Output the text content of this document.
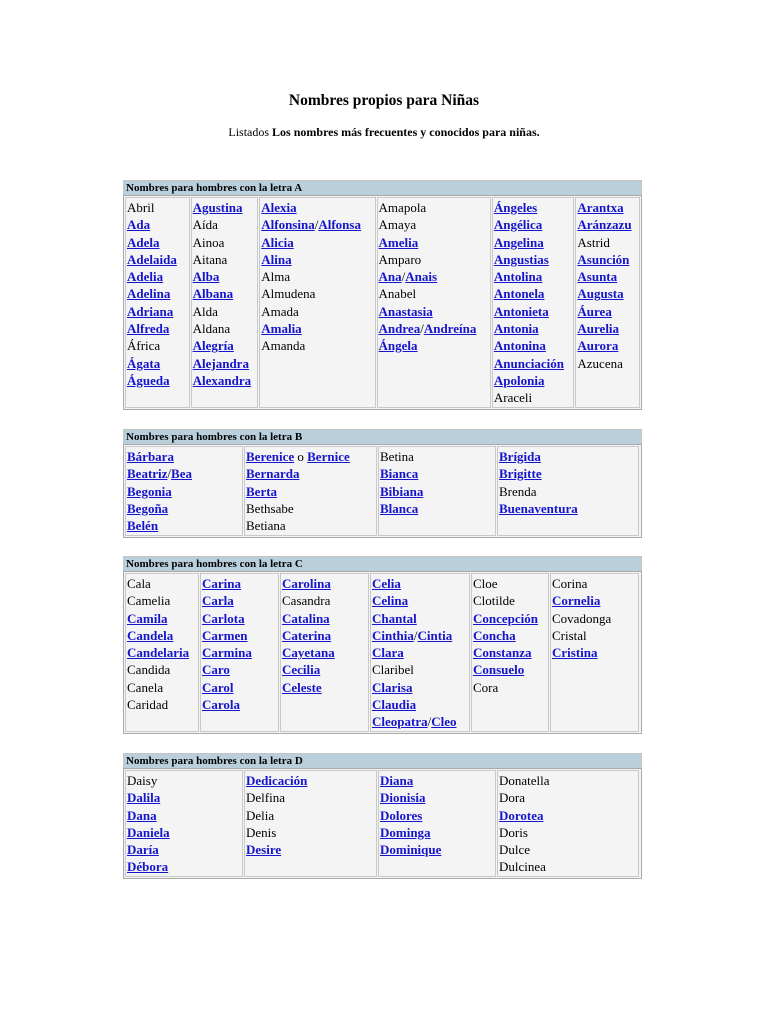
Nombres propios para Niñas
Listados Los nombres más frecuentes y conocidos para niñas.
Nombres para hombres con la letra A
Abril
Ada
Adela
Adelaida
Adelia
Adelina
Adriana
Alfreda
África
Ágata
Águeda
Agustina
Aída
Ainoa
Aitana
Alba
Albana
Alda
Aldana
Alegría
Alejandra
Alexandra
Alexia
Alfonsina/Alfonsa
Alicia
Alina
Alma
Almudena
Amada
Amalia
Amanda
Amapola
Amaya
Amelia
Amparo
Ana/Anais
Anabel
Anastasia
Andrea/Andreína
Ángela
Ángeles
Angélica
Angelina
Angustias
Antolina
Antonela
Antonieta
Antonia
Antonina
Anunciación
Apolonia
Araceli
Arantxa
Aránzazu
Astrid
Asunción
Asunta
Augusta
Áurea
Aurelia
Aurora
Azucena
Nombres para hombres con la letra B
Bárbara
Beatriz/Bea
Begonia
Begoña
Belén
Berenice o Bernice
Bernarda
Berta
Bethsabe
Betiana
Betina
Bianca
Bibiana
Blanca
Brígida
Brigitte
Brenda
Buenaventura
Nombres para hombres con la letra C
Cala
Camelia
Camila
Candela
Candelaria
Candida
Canela
Caridad
Carina
Carla
Carlota
Carmen
Carmina
Caro
Carol
Carola
Carolina
Casandra
Catalina
Caterina
Cayetana
Cecilia
Celeste
Celia
Celina
Chantal
Cinthia/Cintia
Clara
Claribel
Clarisa
Claudia
Cleopatra/Cleo
Cloe
Clotilde
Concepción
Concha
Constanza
Consuelo
Cora
Corina
Cornelia
Covadonga
Cristal
Cristina
Nombres para hombres con la letra D
Daisy
Dalila
Dana
Daniela
Daría
Débora
Dedicación
Delfina
Delia
Denis
Desire
Diana
Dionisia
Dolores
Dominga
Dominique
Donatella
Dora
Dorotea
Doris
Dulce
Dulcinea
